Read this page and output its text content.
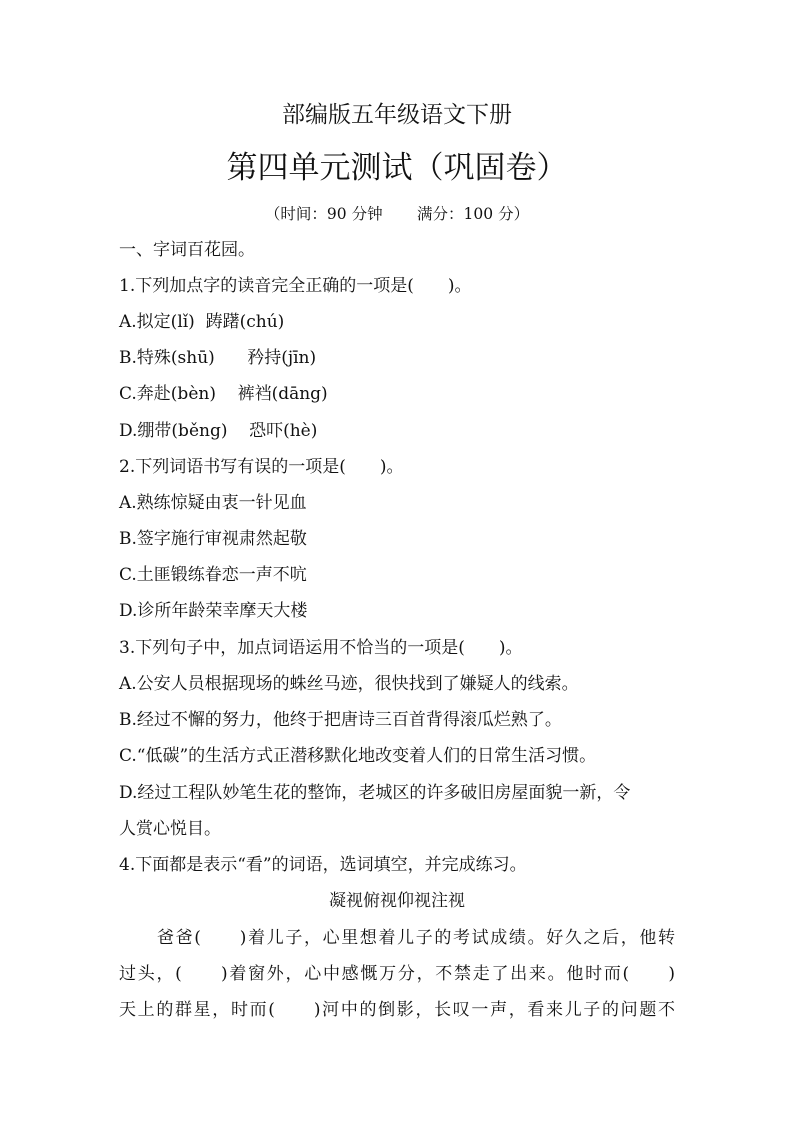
部编版五年级语文下册
第四单元测试（巩固卷）
（时间：90 分钟       满分：100 分）
一、字词百花园。
1.下列加点字的读音完全正确的一项是(　　)。
A.拟定(lǐ)  踌躇(chú)
B.特殊(shū)      矜持(jīn)
C.奔赴(bèn)    裤裆(dāng)
D.绷带(běng)    恐吓(hè)
2.下列词语书写有误的一项是(　　)。
A.熟练惊疑由衷一针见血
B.签字施行审视肃然起敬
C.土匪锻练眷恋一声不吭
D.诊所年龄荣幸摩天大楼
3.下列句子中，加点词语运用不恰当的一项是(　　)。
A.公安人员根据现场的蛛丝马迹，很快找到了嫌疑人的线索。
B.经过不懈的努力，他终于把唐诗三百首背得滚瓜烂熟了。
C.“低碳”的生活方式正潜移默化地改变着人们的日常生活习惯。
D.经过工程队妙笔生花的整饰，老城区的许多破旧房屋面貌一新，令
人赏心悦目。
4.下面都是表示“看”的词语，选词填空，并完成练习。
凝视俯视仰视注视
爸爸(　　)着儿子，心里想着儿子的考试成绩。好久之后，他转
过头，(　　)着窗外，心中感慨万分，不禁走了出来。他时而(　　)
天上的群星，时而(　　)河中的倒影，长叹一声，看来儿子的问题不
